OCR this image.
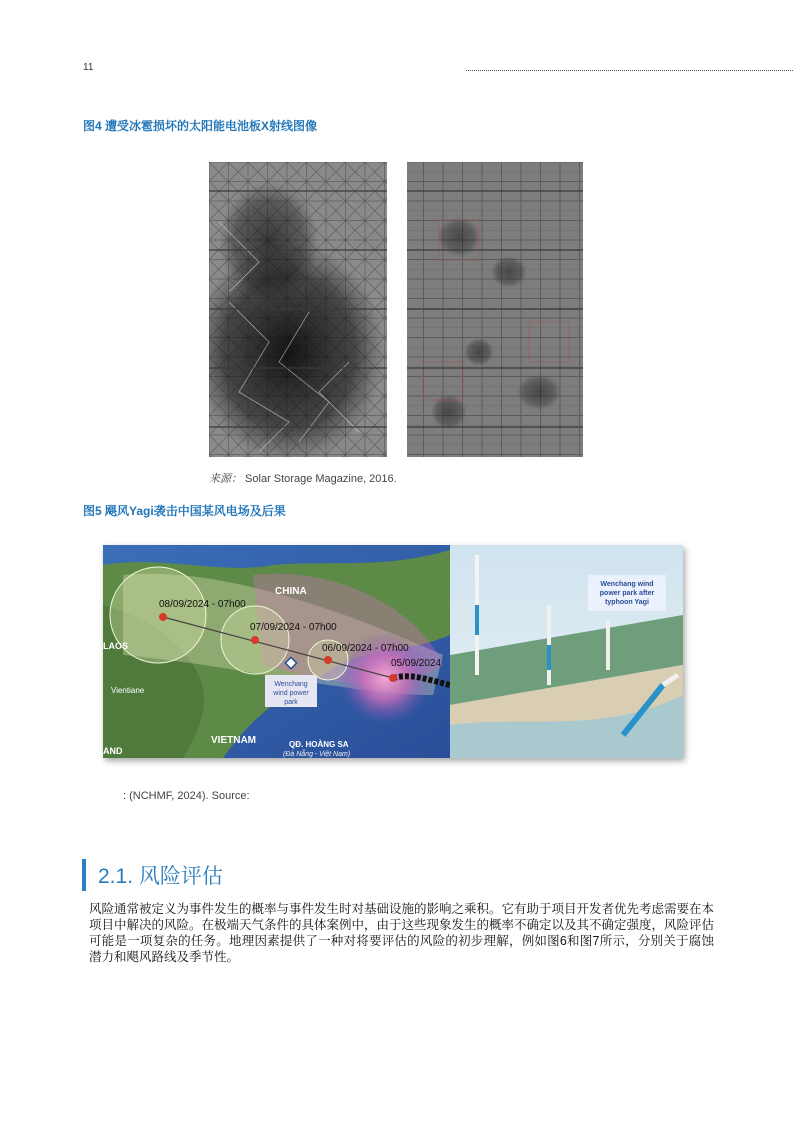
11
图4 遭受冰雹损坏的太阳能电池板X射线图像
来源： Solar Storage Magazine, 2016.
图5 飓风Yagi袭击中国某风电场及后果
08/09/2024 - 07h00
07/09/2024 - 07h00
06/09/2024 - 07h00
05/09/2024
CHINA
LAOS
VIETNAM
AND
Vientiane
QĐ. HOÀNG SA
(Đà Nẵng - Việt Nam)
Wenchang
wind power
park
Wenchang wind
power park after
typhoon Yagi
: (NCHMF, 2024). Source:
2.1. 风险评估
风险通常被定义为事件发生的概率与事件发生时对基础设施的影响之乘积。它有助于项目开发者优先考虑需要在本项目中解决的风险。在极端天气条件的具体案例中，由于这些现象发生的概率不确定以及其不确定强度，风险评估可能是一项复杂的任务。地理因素提供了一种对将要评估的风险的初步理解，例如图6和图7所示，分别关于腐蚀潜力和飓风路线及季节性。
